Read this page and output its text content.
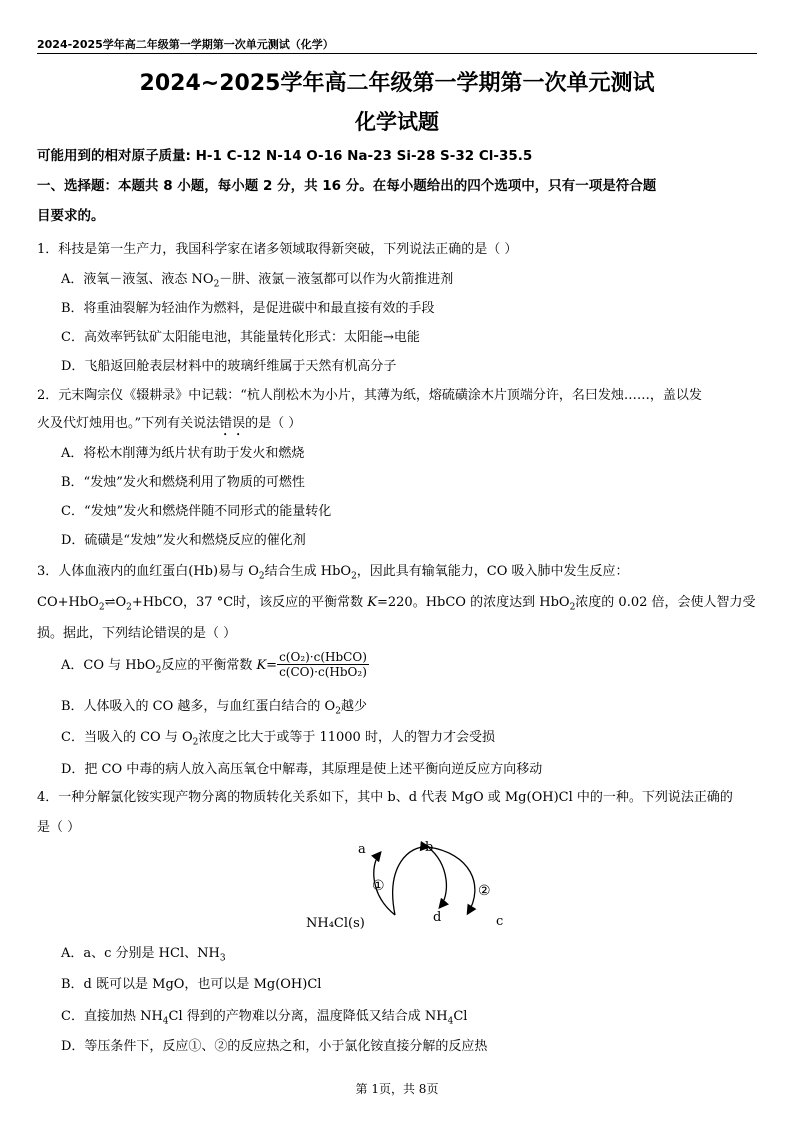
2024-2025学年高二年级第一学期第一次单元测试（化学）
2024~2025学年高二年级第一学期第一次单元测试
化学试题
可能用到的相对原子质量: H-1 C-12 N-14 O-16 Na-23 Si-28 S-32 Cl-35.5
一、选择题：本题共 8 小题，每小题 2 分，共 16 分。在每小题给出的四个选项中，只有一项是符合题
目要求的。
1．科技是第一生产力，我国科学家在诸多领域取得新突破，下列说法正确的是（ ）
A．液氧－液氢、液态 $NO_2-$肼、液氯－液氢都可以作为火箭推进剂
B．将重油裂解为轻油作为燃料，是促进碳中和最直接有效的手段
C．高效率钙钛矿太阳能电池，其能量转化形式：太阳能→电能
D．飞船返回舱表层材料中的玻璃纤维属于天然有机高分子
2．元末陶宗仪《辍耕录》中记载：“杭人削松木为小片，其薄为纸，熔硫磺涂木片顶端分许，名曰发烛……，盖以发
火及代灯烛用也。”下列有关说法错误的是（ ）
A．将松木削薄为纸片状有助于发火和燃烧
B．“发烛”发火和燃烧利用了物质的可燃性
C．“发烛”发火和燃烧伴随不同形式的能量转化
D．硫磺是“发烛”发火和燃烧反应的催化剂
3．人体血液内的血红蛋白(Hb)易与 $O_2$结合生成 HbO$_2$，因此具有输氧能力，CO 吸入肺中发生反应：
$CO+HbO_2\rightleftharpoons O_2+HbCO$，37 °C时，该反应的平衡常数 K=220。HbCO 的浓度达到 HbO$_2$浓度的 0.02 倍，会使人智力受
损。据此，下列结论错误的是（ ）
A．CO 与 HbO$_2$反应的平衡常数 $K= \frac{\text{c(O₂)·c(HbCO)}}{\text{c(CO)·c(HbO₂)}}$
B．人体吸入的 CO 越多，与血红蛋白结合的 $O_2$越少
C．当吸入的 CO 与 $O_2$浓度之比大于或等于 11000 时，人的智力才会受损
D．把 CO 中毒的病人放入高压氧仓中解毒，其原理是使上述平衡向逆反应方向移动
4．一种分解氯化铵实现产物分离的物质转化关系如下，其中 b、d 代表 MgO 或 Mg(OH)Cl 中的一种。下列说法正确的
是（ ）
a	b
①	②
d	c
NH₄Cl(s)
A．a、c 分别是 HCl、$NH_3$
B．d 既可以是 MgO，也可以是 Mg(OH)Cl
C．直接加热 $NH_4Cl$ 得到的产物难以分离，温度降低又结合成 $NH_4Cl$
D．等压条件下，反应①、②的反应热之和，小于氯化铵直接分解的反应热
第 1页，共 8页
